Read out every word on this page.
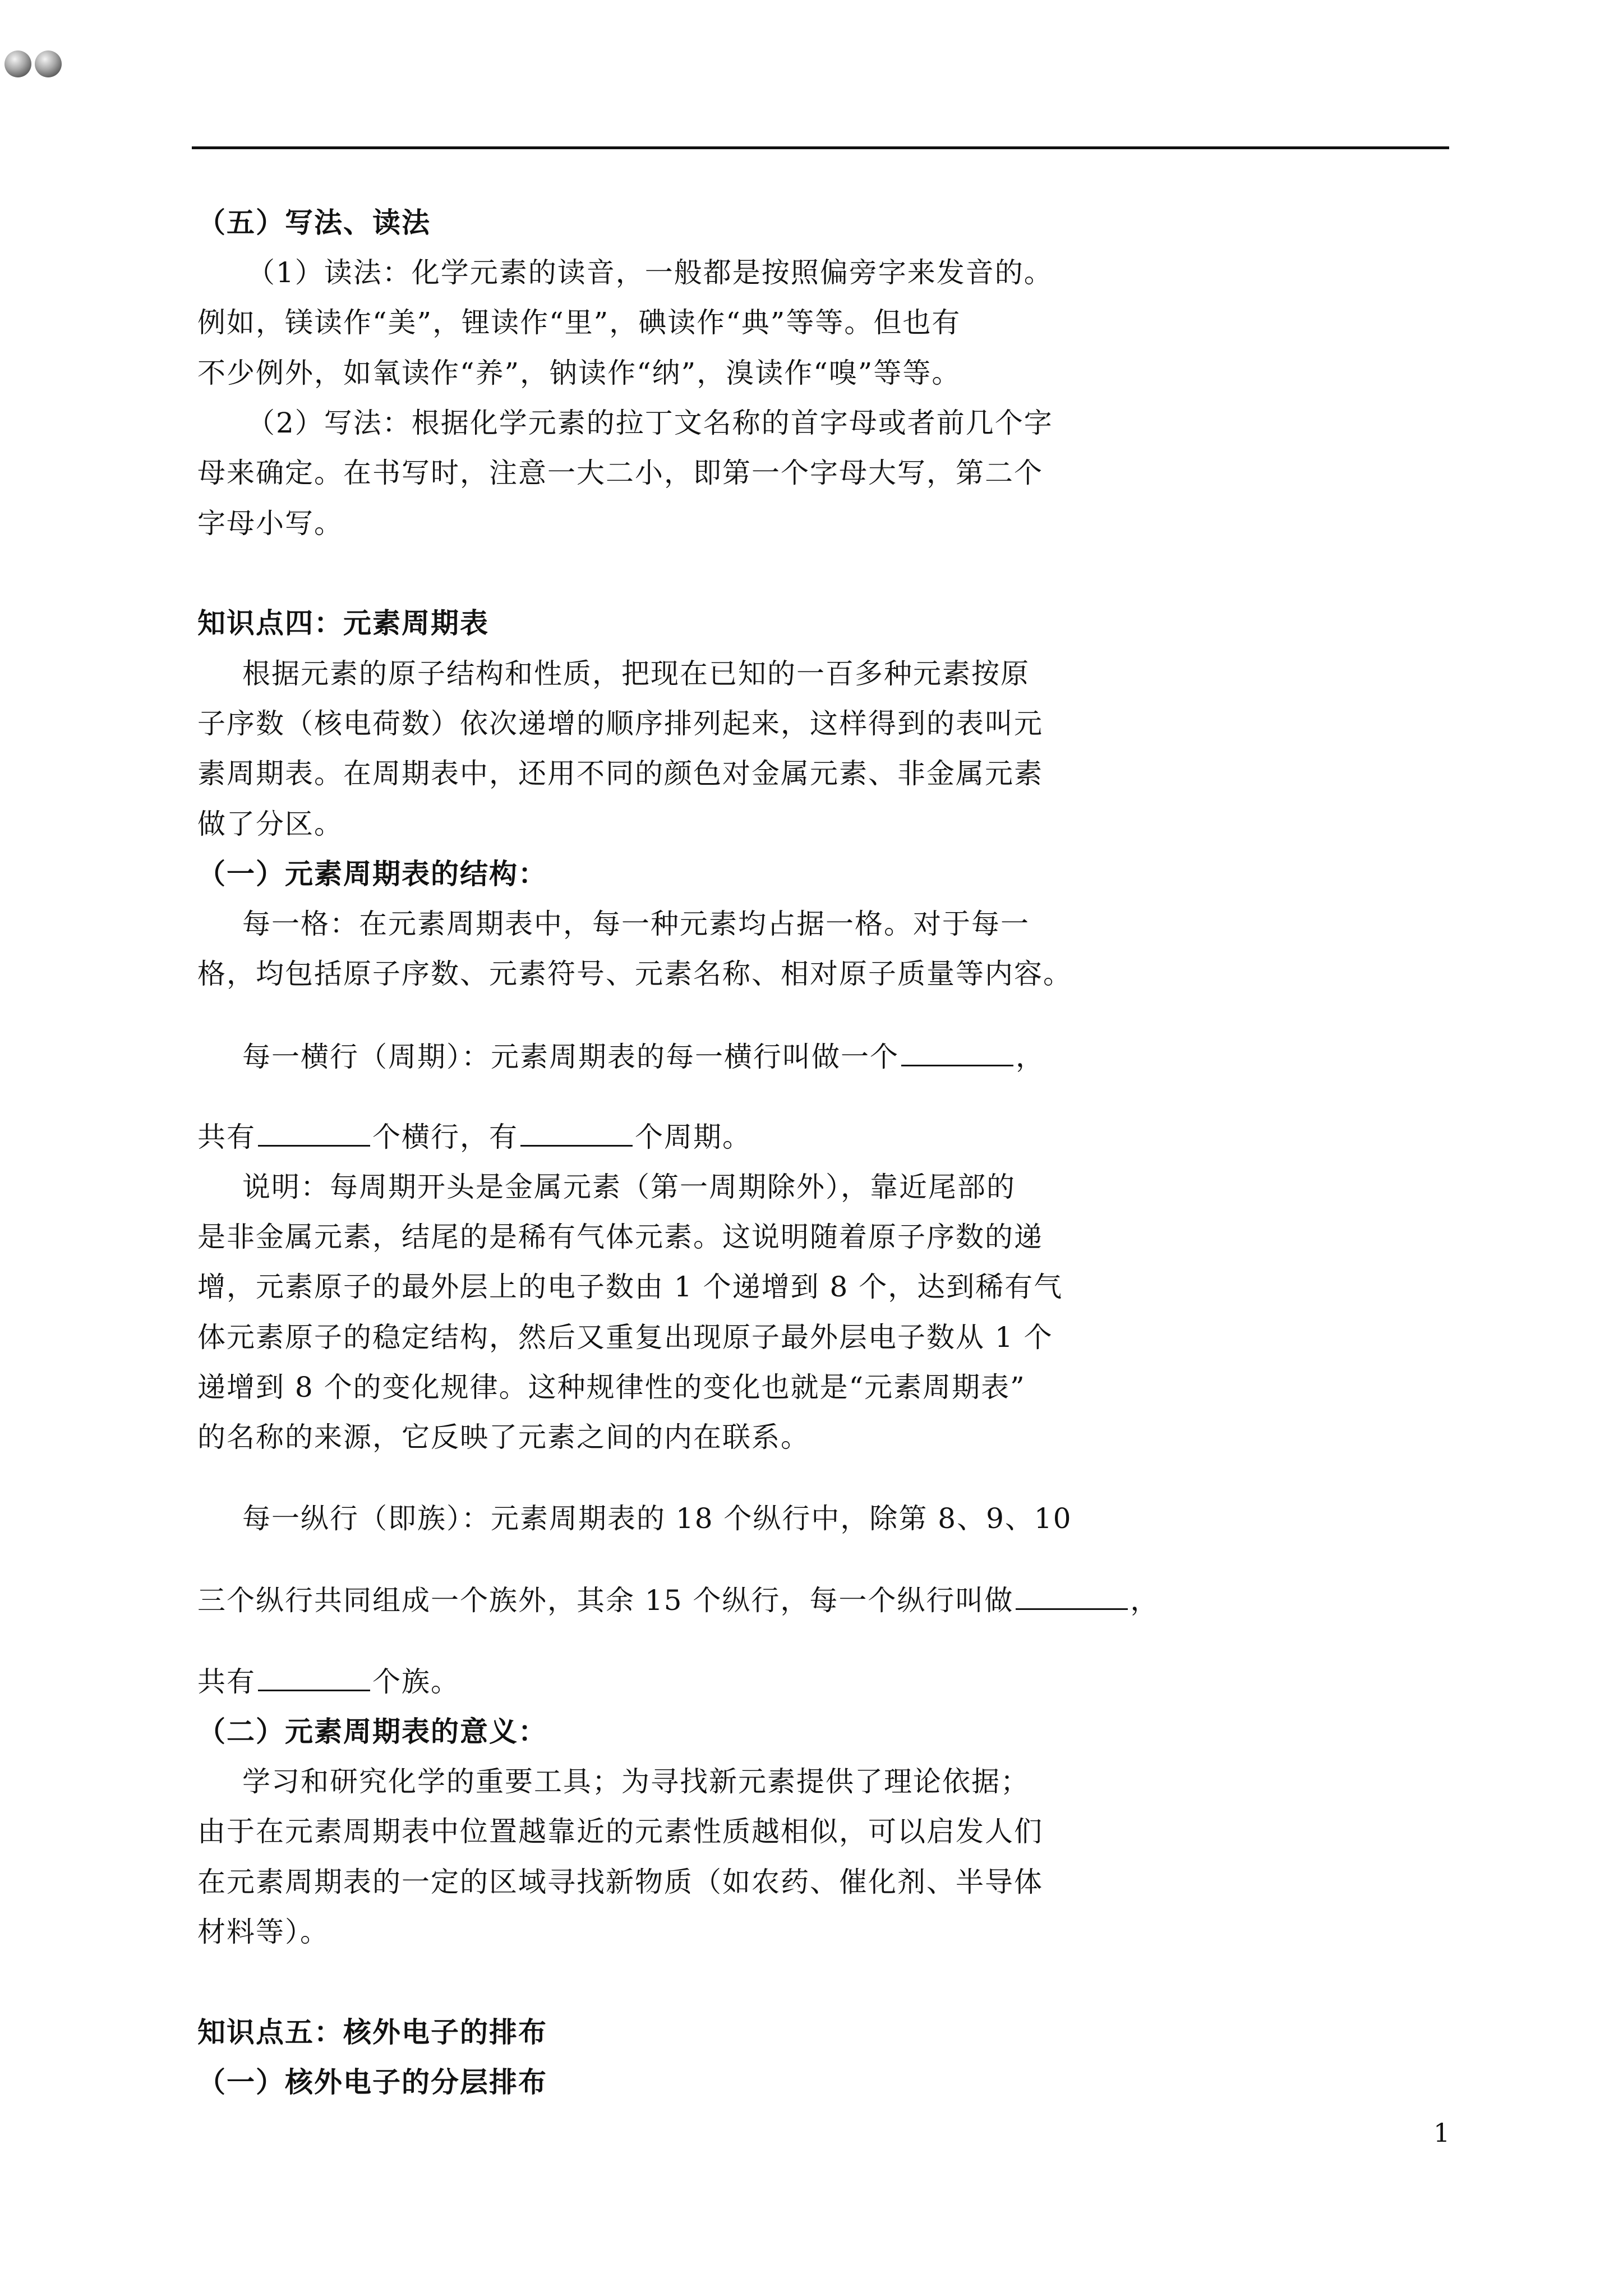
（五）写法、读法
（1）读法：化学元素的读音，一般都是按照偏旁字来发音的。
例如，镁读作“美”，锂读作“里”，碘读作“典”等等。但也有
不少例外，如氧读作“养”，钠读作“纳”，溴读作“嗅”等等。
（2）写法：根据化学元素的拉丁文名称的首字母或者前几个字
母来确定。在书写时，注意一大二小，即第一个字母大写，第二个
字母小写。
知识点四：元素周期表
根据元素的原子结构和性质，把现在已知的一百多种元素按原
子序数（核电荷数）依次递增的顺序排列起来，这样得到的表叫元
素周期表。在周期表中，还用不同的颜色对金属元素、非金属元素
做了分区。
（一）元素周期表的结构：
每一格：在元素周期表中，每一种元素均占据一格。对于每一
格，均包括原子序数、元素符号、元素名称、相对原子质量等内容。
每一横行（周期）：元素周期表的每一横行叫做一个	，
共有	个横行，有	个周期。
说明：每周期开头是金属元素（第一周期除外），靠近尾部的
是非金属元素，结尾的是稀有气体元素。这说明随着原子序数的递
增，元素原子的最外层上的电子数由 1 个递增到 8 个，达到稀有气
体元素原子的稳定结构，然后又重复出现原子最外层电子数从 1 个
递增到 8 个的变化规律。这种规律性的变化也就是“元素周期表”
的名称的来源，它反映了元素之间的内在联系。
每一纵行（即族）：元素周期表的 18 个纵行中，除第 8、9、10
三个纵行共同组成一个族外，其余 15 个纵行，每一个纵行叫做	，
共有	个族。
（二）元素周期表的意义：
学习和研究化学的重要工具；为寻找新元素提供了理论依据；
由于在元素周期表中位置越靠近的元素性质越相似，可以启发人们
在元素周期表的一定的区域寻找新物质（如农药、催化剂、半导体
材料等）。
知识点五：核外电子的排布
（一）核外电子的分层排布
1
